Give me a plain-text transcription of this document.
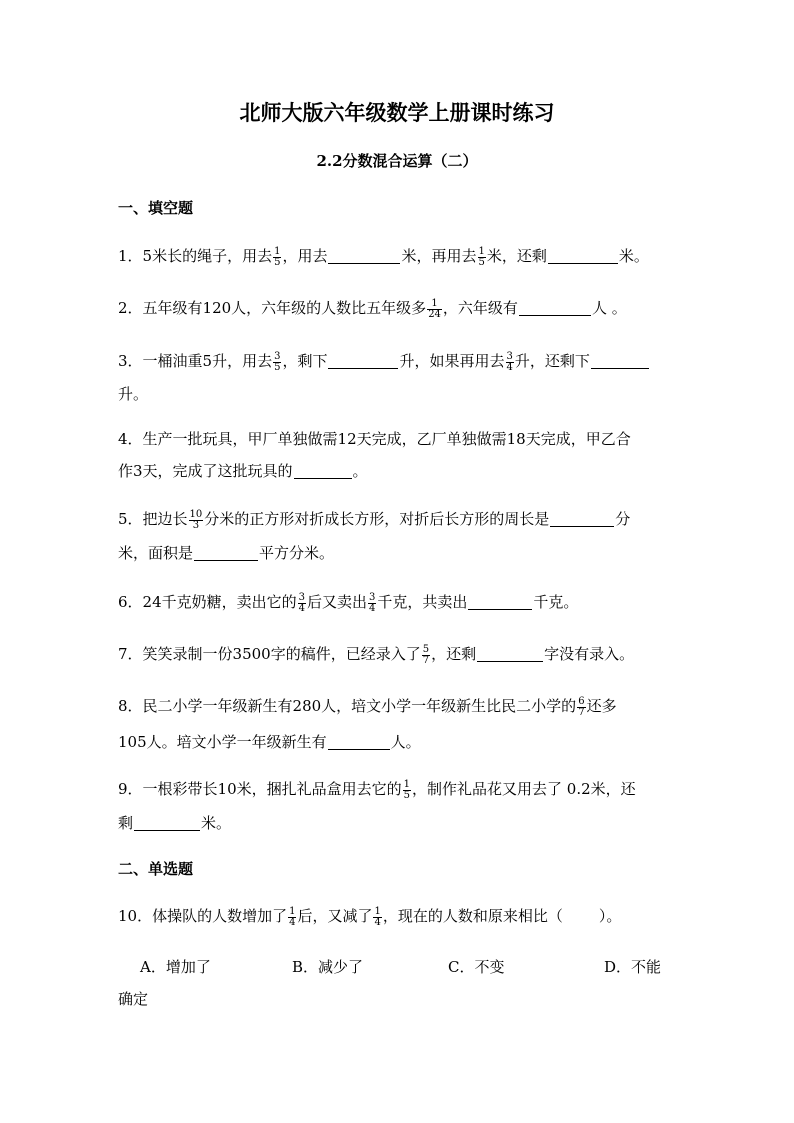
北师大版六年级数学上册课时练习
2.2分数混合运算（二）
一、填空题
1．5米长的绳子，用去 $\frac{1}{5}$ ，用去	米，再用去 $\frac{1}{5}$ 米，还剩	米。
2．五年级有120人，六年级的人数比五年级多 $\frac{1}{24}$ ，六年级有	人 。
3．一桶油重5升，用去 $\frac{3}{5}$ ，剩下	升，如果再用去 $\frac{3}{4}$ 升，还剩下
升。
4．生产一批玩具，甲厂单独做需12天完成，乙厂单独做需18天完成，甲乙合
作3天，完成了这批玩具的	。
5．把边长 $\frac{10}{3}$ 分米的正方形对折成长方形，对折后长方形的周长是	分
米，面积是	平方分米。
6．24千克奶糖，卖出它的 $\frac{3}{4}$ 后又卖出 $\frac{3}{4}$ 千克，共卖出	千克。
7．笑笑录制一份3500字的稿件，已经录入了 $\frac{5}{7}$ ，还剩	字没有录入。
8．民二小学一年级新生有280人，培文小学一年级新生比民二小学的 $\frac{6}{7}$ 还多
105人。培文小学一年级新生有	人。
9．一根彩带长10米，捆扎礼品盒用去它的 $\frac{1}{5}$ ，制作礼品花又用去了 0.2米，还
剩	米。
二、单选题
10．体操队的人数增加了 $\frac{1}{4}$ 后，又减了 $\frac{1}{4}$ ，现在的人数和原来相比（ ）。
A．增加了	B．减少了	C．不变	D．不能
确定
